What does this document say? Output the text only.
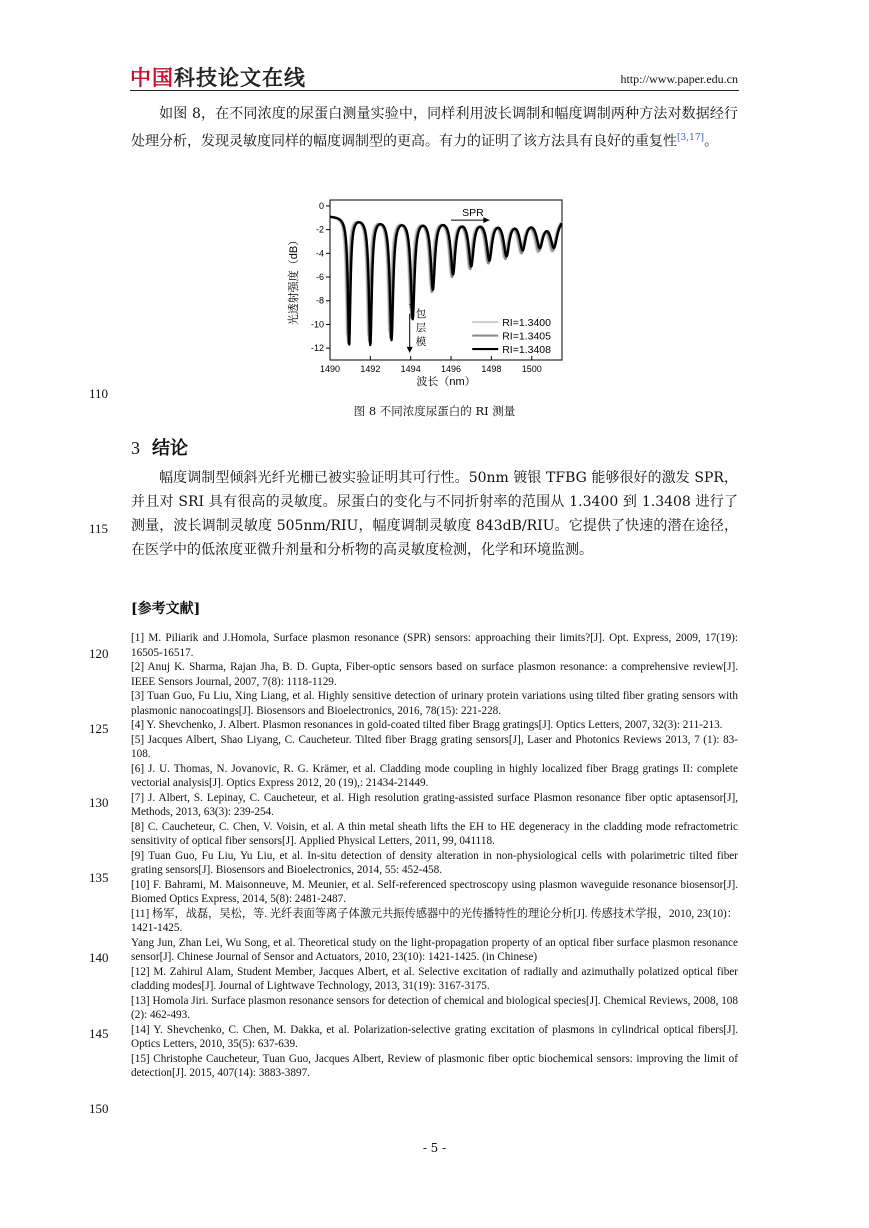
中国科技论文在线	http://www.paper.edu.cn
如图 8，在不同浓度的尿蛋白测量实验中，同样利用波长调制和幅度调制两种方法对数据经行处理分析，发现灵敏度同样的幅度调制型的更高。有力的证明了该方法具有良好的重复性[3,17]。
110
115
120
125
130
135
140
145
150
1490 1492 1494 1496 1498 1500
0
-2
-4
-6
-8
-10
-12
波长（nm）
光透射强度（dB）
SPR
* 包
层
模
RI=1.3400
RI=1.3405
RI=1.3408
图 8 不同浓度尿蛋白的 RI 测量
3 结论
幅度调制型倾斜光纤光栅已被实验证明其可行性。50nm 镀银 TFBG 能够很好的激发 SPR，并且对 SRI 具有很高的灵敏度。尿蛋白的变化与不同折射率的范围从 1.3400 到 1.3408 进行了测量，波长调制灵敏度 505nm/RIU，幅度调制灵敏度 843dB/RIU。它提供了快速的潜在途径，在医学中的低浓度亚微升剂量和分析物的高灵敏度检测，化学和环境监测。
[参考文献]
[1] M. Piliarik and J.Homola, Surface plasmon resonance (SPR) sensors: approaching their limits?[J]. Opt. Express, 2009, 17(19): 16505-16517.
[2] Anuj K. Sharma, Rajan Jha, B. D. Gupta, Fiber-optic sensors based on surface plasmon resonance: a comprehensive review[J]. IEEE Sensors Journal, 2007, 7(8): 1118-1129.
[3] Tuan Guo, Fu Liu, Xing Liang, et al. Highly sensitive detection of urinary protein variations using tilted fiber grating sensors with plasmonic nanocoatings[J]. Biosensors and Bioelectronics, 2016, 78(15): 221-228.
[4] Y. Shevchenko, J. Albert. Plasmon resonances in gold-coated tilted fiber Bragg gratings[J]. Optics Letters, 2007, 32(3): 211-213.
[5] Jacques Albert, Shao Liyang, C. Caucheteur. Tilted fiber Bragg grating sensors[J], Laser and Photonics Reviews 2013, 7 (1): 83-108.
[6] J. U. Thomas, N. Jovanovic, R. G. Krämer, et al. Cladding mode coupling in highly localized fiber Bragg gratings II: complete vectorial analysis[J]. Optics Express 2012, 20 (19),: 21434-21449.
[7] J. Albert, S. Lepinay, C. Caucheteur, et al. High resolution grating-assisted surface Plasmon resonance fiber optic aptasensor[J], Methods, 2013, 63(3): 239-254.
[8] C. Caucheteur, C. Chen, V. Voisin, et al. A thin metal sheath lifts the EH to HE degeneracy in the cladding mode refractometric sensitivity of optical fiber sensors[J]. Applied Physical Letters, 2011, 99, 041118.
[9] Tuan Guo, Fu Liu, Yu Liu, et al. In-situ detection of density alteration in non-physiological cells with polarimetric tilted fiber grating sensors[J]. Biosensors and Bioelectronics, 2014, 55: 452-458.
[10] F. Bahrami, M. Maisonneuve, M. Meunier, et al. Self-referenced spectroscopy using plasmon waveguide resonance biosensor[J]. Biomed Optics Express, 2014, 5(8): 2481-2487.
[11] 杨军，战磊，吴松，等. 光纤表面等离子体激元共振传感器中的光传播特性的理论分析[J]. 传感技术学报，2010, 23(10)：1421-1425.
Yang Jun, Zhan Lei, Wu Song, et al. Theoretical study on the light-propagation property of an optical fiber surface plasmon resonance sensor[J]. Chinese Journal of Sensor and Actuators, 2010, 23(10): 1421-1425. (in Chinese)
[12] M. Zahirul Alam, Student Member, Jacques Albert, et al. Selective excitation of radially and azimuthally polatized optical fiber cladding modes[J]. Journal of Lightwave Technology, 2013, 31(19): 3167-3175.
[13] Homola Jiri. Surface plasmon resonance sensors for detection of chemical and biological species[J]. Chemical Reviews, 2008, 108 (2): 462-493.
[14] Y. Shevchenko, C. Chen, M. Dakka, et al. Polarization-selective grating excitation of plasmons in cylindrical optical fibers[J]. Optics Letters, 2010, 35(5): 637-639.
[15] Christophe Caucheteur, Tuan Guo, Jacques Albert, Review of plasmonic fiber optic biochemical sensors: improving the limit of detection[J]. 2015, 407(14): 3883-3897.
- 5 -
